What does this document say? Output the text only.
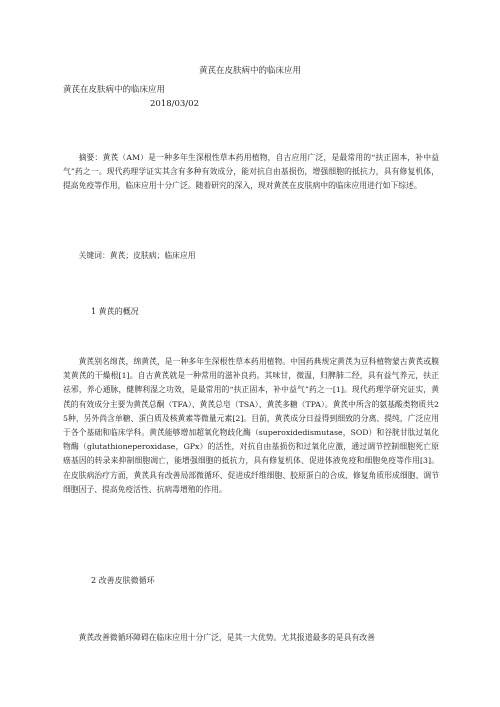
黄芪在皮肤病中的临床应用
黄芪在皮肤病中的临床应用
2018/03/02

摘要：黄芪（AM）是一种多年生深根性草本药用植物，自古应用广泛，是最常用的“扶正固本，补中益气”药之一。现代药理学证实其含有多种有效成分，能对抗自由基损伤，增强细胞的抵抗力，具有修复机体，提高免疫等作用，临床应用十分广泛。随着研究的深入，现对黄芪在皮肤病中的临床应用进行如下综述。

关键词：黄芪；皮肤病；临床应用

1 黄芪的概况

黄芪别名绵芪，绵黄芪，是一种多年生深根性草本药用植物。中国药典规定黄芪为豆科植物蒙古黄芪或膜荚黄芪的干燥根[1]。自古黄芪就是一种常用的滋补良药。其味甘，微温，归脾肺二经，具有益气养元，扶正祛邪，养心通脉，健脾利湿之功效，是最常用的“扶正固本，补中益气”药之一[1]。现代药理学研究证实，黄芪的有效成分主要为黄芪总酮（TFA）、黄芪总皂（TSA）、黄芪多糖（TPA）。黄芪中所含的氨基酸类物质共25种，另外尚含单糖、蛋白质及核黄素等微量元素[2]。目前，黄芪成分日益得到细致的分离、提纯，广泛应用于各个基础和临床学科。黄芪能够增加超氧化物歧化酶（superoxidedismutase，SOD）和谷胱甘肽过氧化物酶（glutathioneperoxidase，GPx）的活性，对抗自由基损伤和过氧化应激，通过调节控制细胞死亡原癌基因的转录来抑制细胞凋亡，能增强细胞的抵抗力，具有修复机体、促进体液免疫和细胞免疫等作用[3]。在皮肤病治疗方面，黄芪具有改善局部微循环、促进成纤维细胞、胶原蛋白的合成、修复角质形成细胞、调节细胞因子、提高免疫活性、抗病毒增殖的作用。

2 改善皮肤微循环

黄芪改善微循环障碍在临床应用十分广泛，是其一大优势。尤其报道最多的是具有改善
